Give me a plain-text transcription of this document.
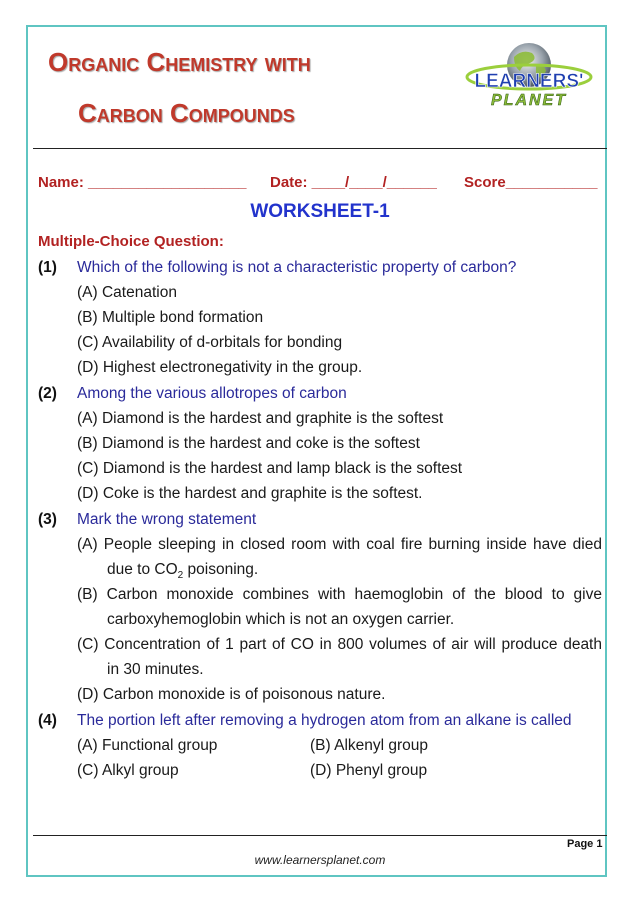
Organic Chemistry with
Carbon Compounds
LEARNERS'
PLANET
Name: ___________________ Date: ____/____/______ Score___________
WORKSHEET-1
Multiple-Choice Question:
(1) Which of the following is not a characteristic property of carbon?
(A) Catenation
(B) Multiple bond formation
(C) Availability of d-orbitals for bonding
(D) Highest electronegativity in the group.
(2) Among the various allotropes of carbon
(A) Diamond is the hardest and graphite is the softest
(B) Diamond is the hardest and coke is the softest
(C) Diamond is the hardest and lamp black is the softest
(D) Coke is the hardest and graphite is the softest.
(3) Mark the wrong statement
(A) People sleeping in closed room with coal fire burning inside have died
due to $CO_2$ poisoning.
(B) Carbon monoxide combines with haemoglobin of the blood to give
carboxyhemoglobin which is not an oxygen carrier.
(C) Concentration of 1 part of CO in 800 volumes of air will produce death
in 30 minutes.
(D) Carbon monoxide is of poisonous nature.
(4) The portion left after removing a hydrogen atom from an alkane is called
(A) Functional group	(B) Alkenyl group
(C) Alkyl group	(D) Phenyl group
Page 1
www.learnersplanet.com
